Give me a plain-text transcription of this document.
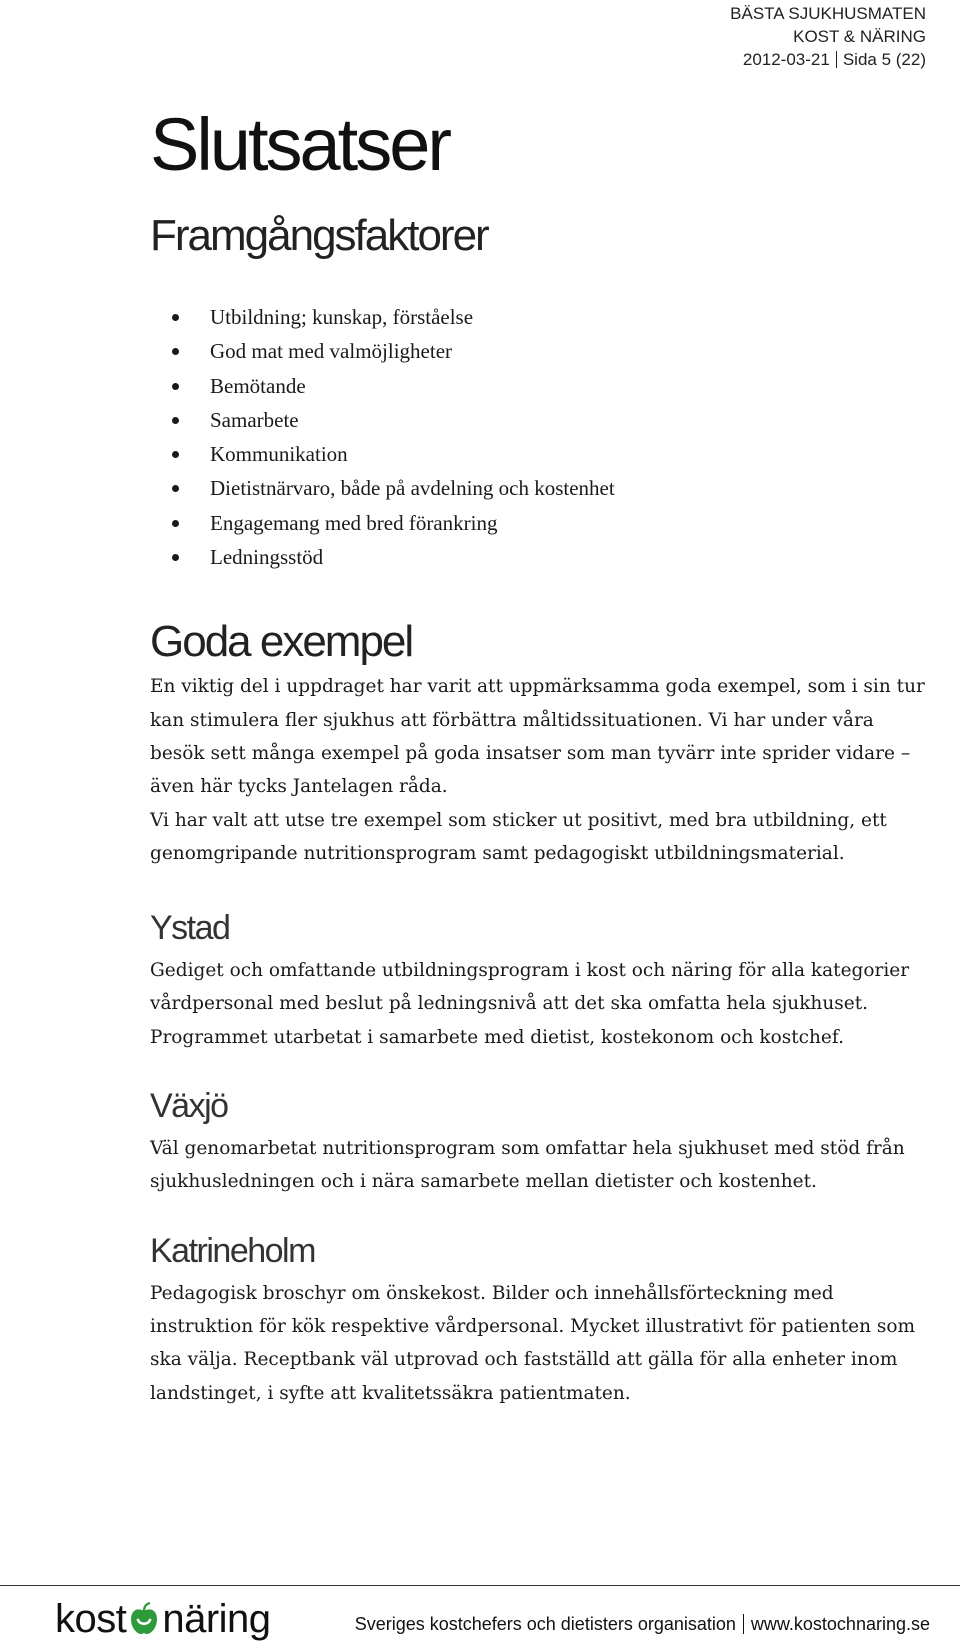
BÄSTA SJUKHUSMATEN
KOST & NÄRING
2012-03-21 Sida 5 (22)
Slutsatser
Framgångsfaktorer
Utbildning; kunskap, förståelse
God mat med valmöjligheter
Bemötande
Samarbete
Kommunikation
Dietistnärvaro, både på avdelning och kostenhet
Engagemang med bred förankring
Ledningsstöd
Goda exempel

En viktig del i uppdraget har varit att uppmärksamma goda exempel, som i sin tur kan stimulera fler sjukhus att förbättra måltidssituationen. Vi har under våra besök sett många exempel på goda insatser som man tyvärr inte sprider vidare – även här tycks Jantelagen råda.

Vi har valt att utse tre exempel som sticker ut positivt, med bra utbildning, ett genomgripande nutritionsprogram samt pedagogiskt utbildningsmaterial.

Ystad

Gediget och omfattande utbildningsprogram i kost och näring för alla kategorier vårdpersonal med beslut på ledningsnivå att det ska omfatta hela sjukhuset. Programmet utarbetat i samarbete med dietist, kostekonom och kostchef.

Växjö

Väl genomarbetat nutritionsprogram som omfattar hela sjukhuset med stöd från sjukhusledningen och i nära samarbete mellan dietister och kostenhet.

Katrineholm

Pedagogisk broschyr om önskekost. Bilder och innehållsförteckning med instruktion för kök respektive vårdpersonal. Mycket illustrativt för patienten som ska välja. Receptbank väl utprovad och fastställd att gälla för alla enheter inom landstinget, i syfte att kvalitetssäkra patientmaten.

kost näring	Sveriges kostchefers och dietisters organisation www.kostochnaring.se
